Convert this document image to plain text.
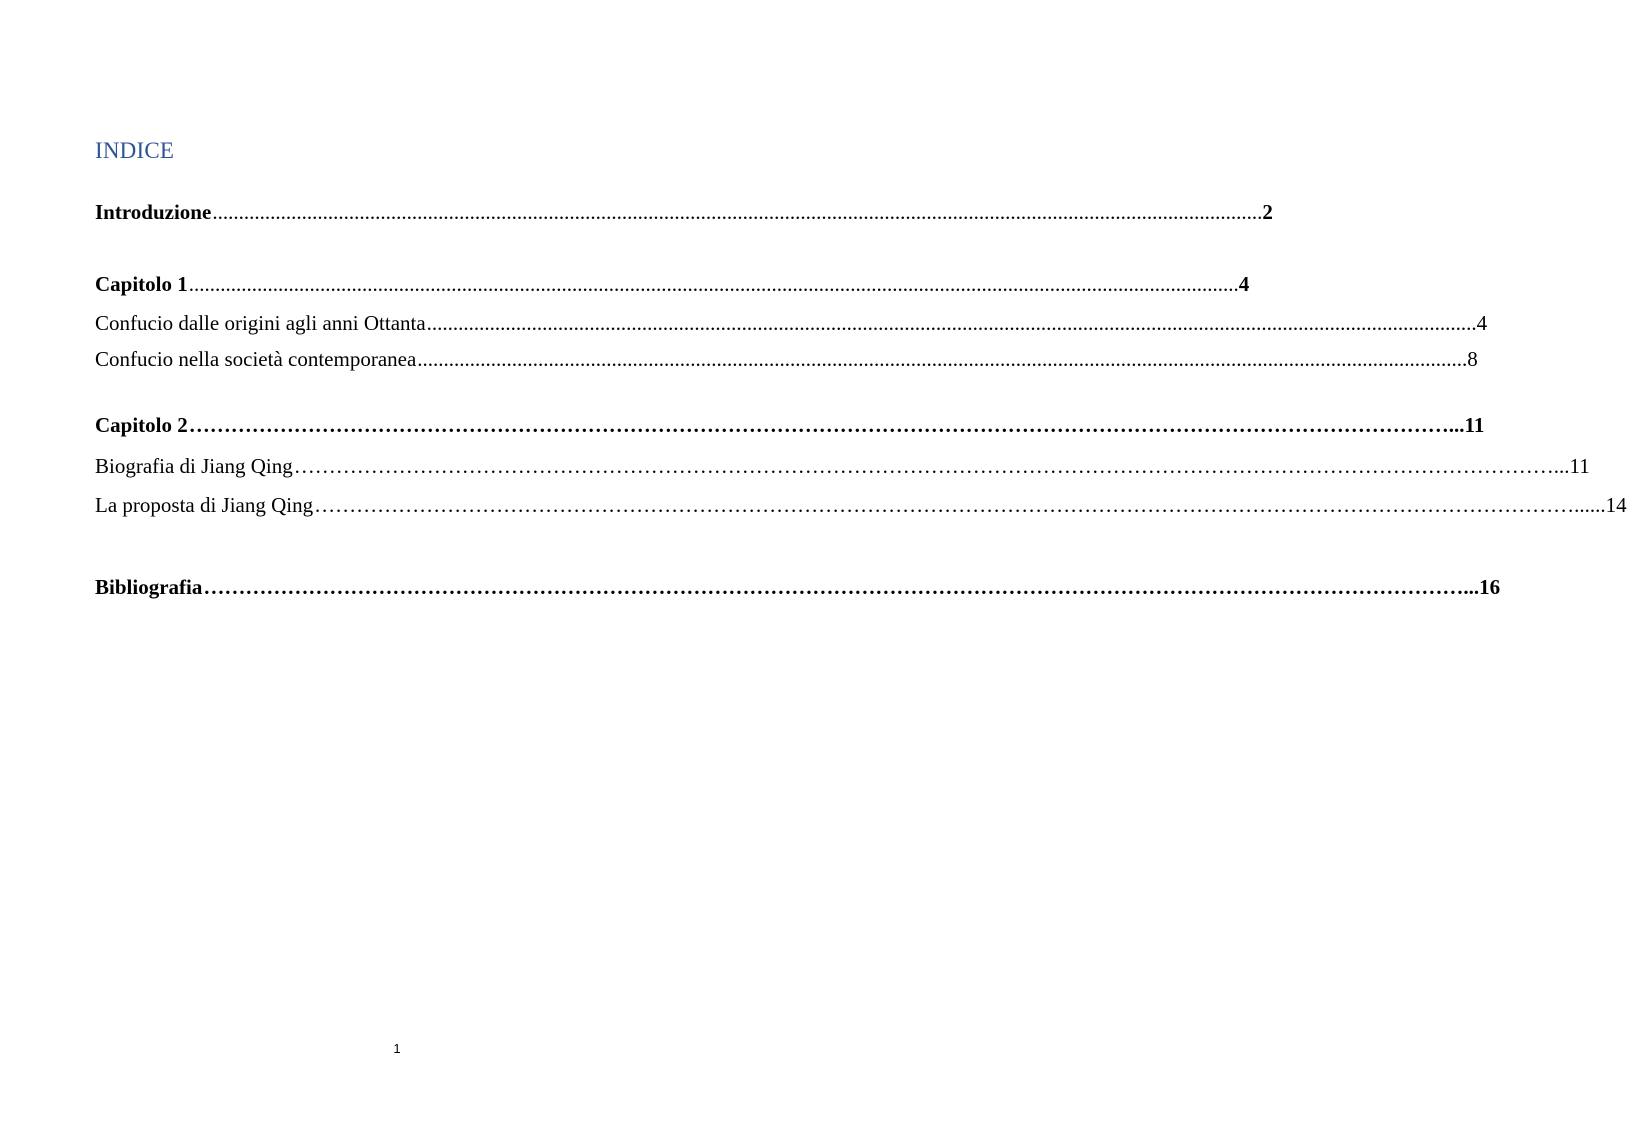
INDICE
Introduzione ........................................................................................................................................................................................................ 2
Capitolo 1 ........................................................................................................................................................................................................ 4
Confucio dalle origini agli anni Ottanta ........................................................................................................................................................................................................ 4
Confucio nella società contemporanea ........................................................................................................................................................................................................ 8
Capitolo 2 ……………………………………………………………………………………………………………………………………………………………… ...11
Biografia di Jiang Qing ……………………………………………………………………………………………………………………………………………………………… ...11
La proposta di Jiang Qing ……………………………………………………………………………………………………………………………………………………………… ......14
Bibliografia ……………………………………………………………………………………………………………………………………………………………… ...16
1
